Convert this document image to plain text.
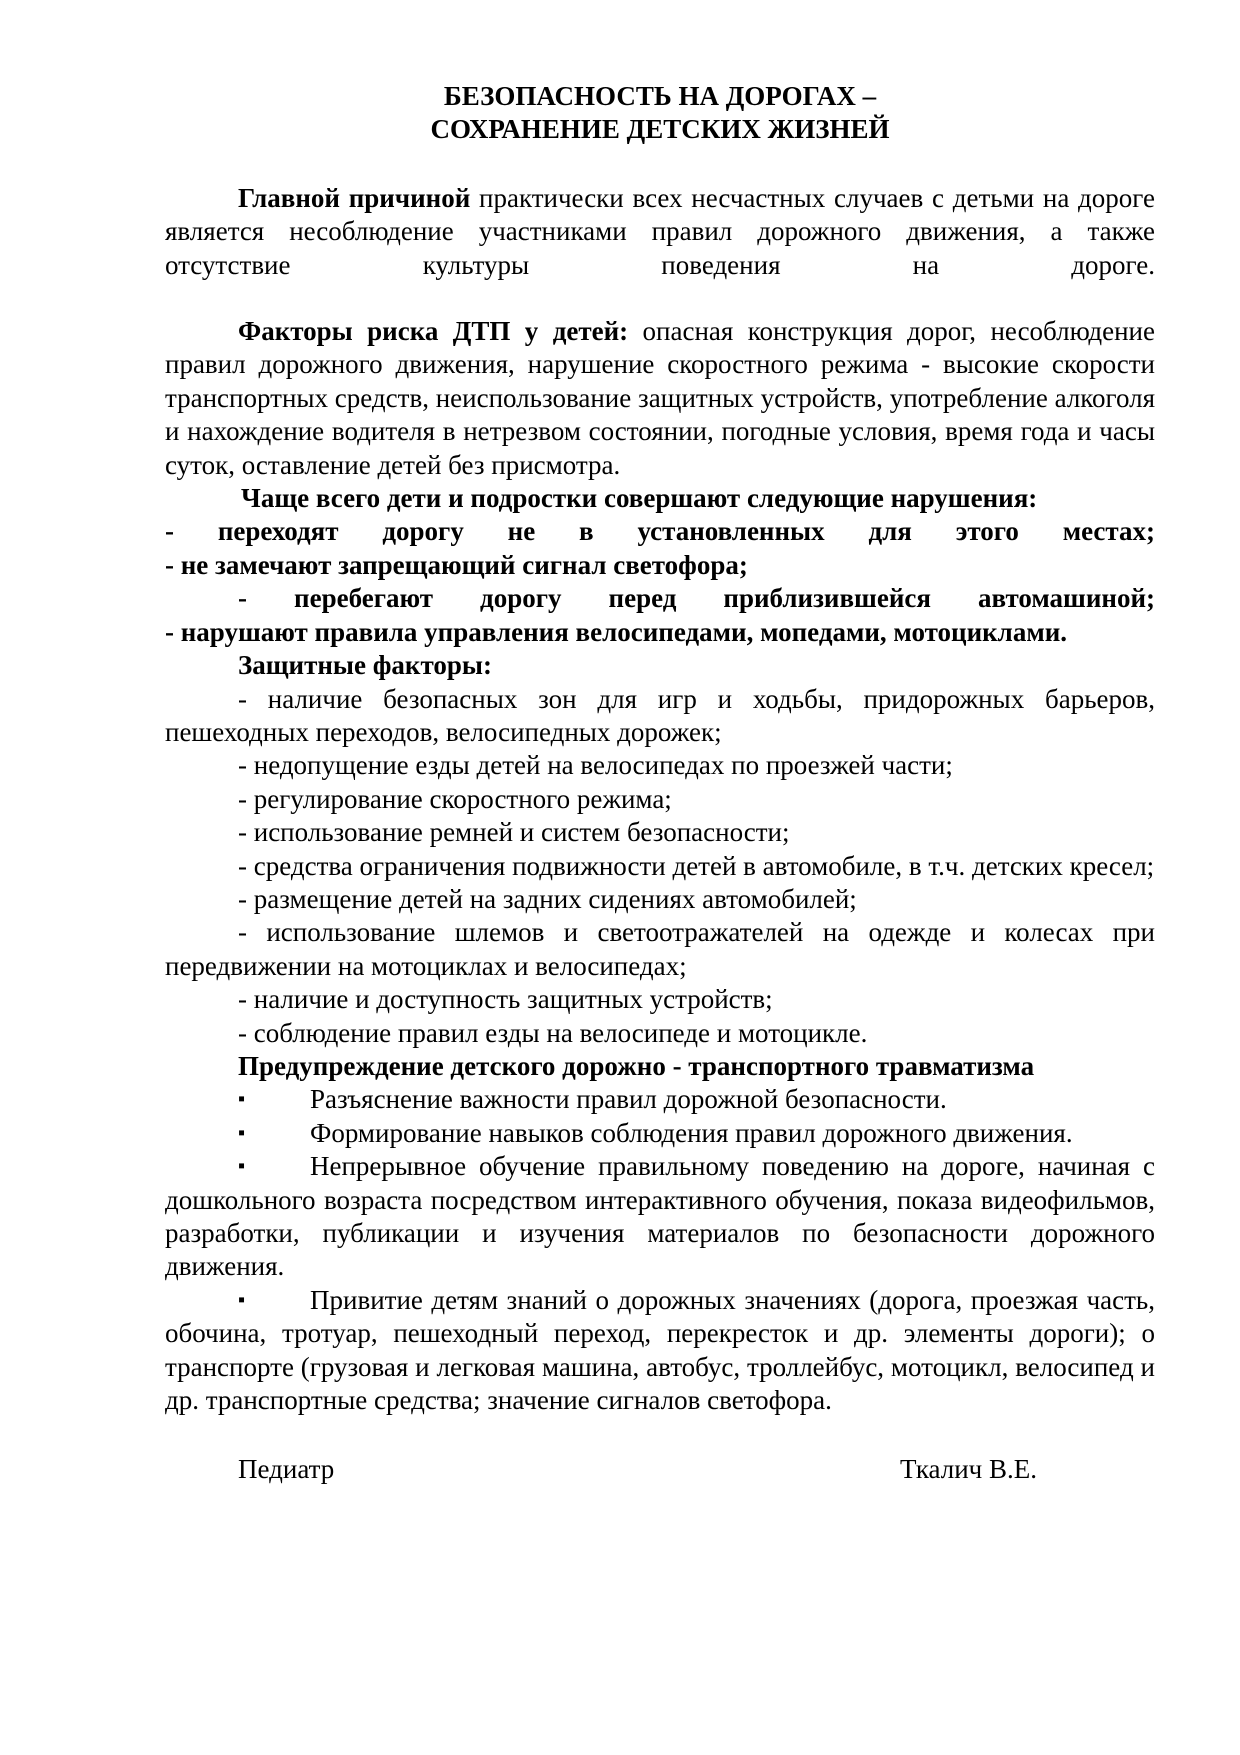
БЕЗОПАСНОСТЬ НА ДОРОГАХ –
СОХРАНЕНИЕ ДЕТСКИХ ЖИЗНЕЙ

Главной причиной практически всех несчастных случаев с детьми на дороге является несоблюдение участниками правил дорожного движения, а также отсутствие культуры поведения на дороге.

Факторы риска ДТП у детей: опасная конструкция дорог, несоблюдение правил дорожного движения, нарушение скоростного режима - высокие скорости транспортных средств, неиспользование защитных устройств, употребление алкоголя и нахождение водителя в нетрезвом состоянии, погодные условия, время года и часы суток, оставление детей без присмотра.

Чаще всего дети и подростки совершают следующие нарушения:

- переходят дорогу не в установленных для этого местах;

- не замечают запрещающий сигнал светофора;

- перебегают дорогу перед приблизившейся автомашиной;

- нарушают правила управления велосипедами, мопедами, мотоциклами.

Защитные факторы:

- наличие безопасных зон для игр и ходьбы, придорожных барьеров, пешеходных переходов, велосипедных дорожек;

- недопущение езды детей на велосипедах по проезжей части;

- регулирование скоростного режима;

- использование ремней и систем безопасности;

- средства ограничения подвижности детей в автомобиле, в т.ч. детских кресел;

- размещение детей на задних сидениях автомобилей;

- использование шлемов и светоотражателей на одежде и колесах при передвижении на мотоциклах и велосипедах;

- наличие и доступность защитных устройств;

- соблюдение правил езды на велосипеде и мотоцикле.

Предупреждение детского дорожно - транспортного травматизма

▪ Разъяснение важности правил дорожной безопасности.

▪ Формирование навыков соблюдения правил дорожного движения.

▪ Непрерывное обучение правильному поведению на дороге, начиная с дошкольного возраста посредством интерактивного обучения, показа видеофильмов, разработки, публикации и изучения материалов по безопасности дорожного движения.

▪ Привитие детям знаний о дорожных значениях (дорога, проезжая часть, обочина, тротуар, пешеходный переход, перекресток и др. элементы дороги); о транспорте (грузовая и легковая машина, автобус, троллейбус, мотоцикл, велосипед и др. транспортные средства; значение сигналов светофора.

Педиатр	Ткалич В.Е.
